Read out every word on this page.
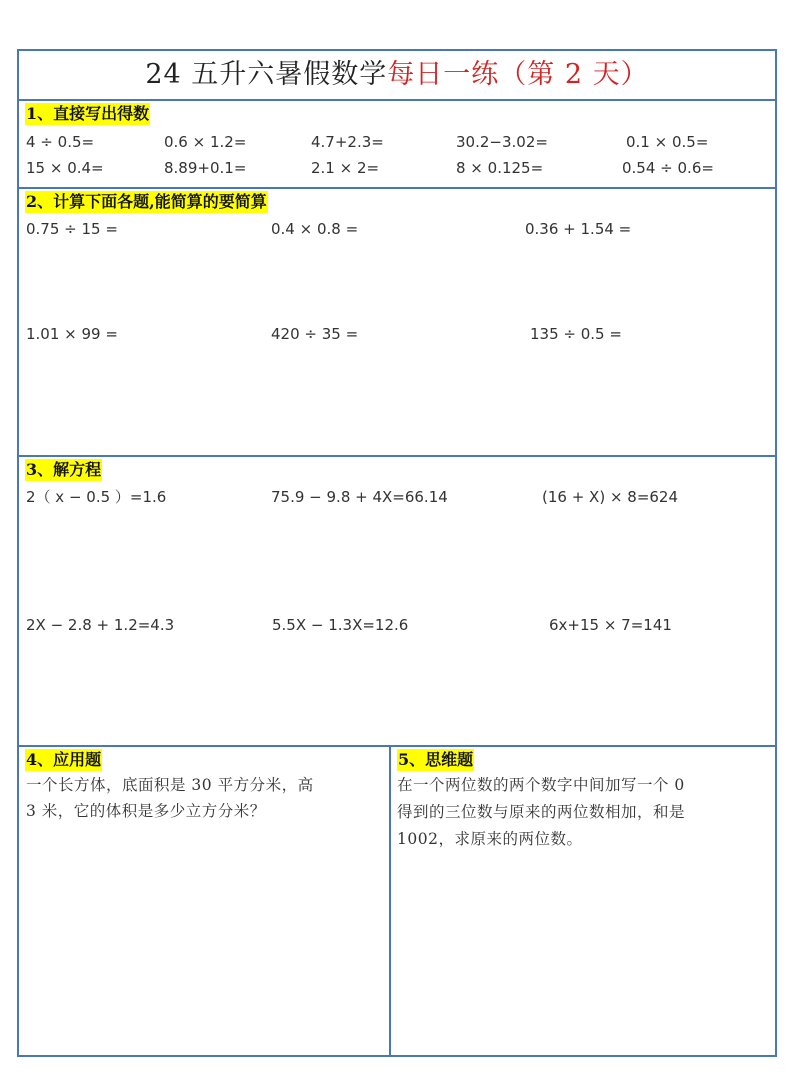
24 五升六暑假数学每日一练（第 2 天）
1、直接写出得数
4 ÷ 0.5=	0.6 × 1.2=	4.7+2.3=	30.2−3.02=	0.1 × 0.5=
15 × 0.4=	8.89+0.1=	2.1 × 2=	8 × 0.125=	0.54 ÷ 0.6=
2、计算下面各题,能简算的要简算
0.75 ÷ 15 =	0.4 × 0.8 =	0.36 + 1.54 =
1.01 × 99 =	420 ÷ 35 =	135 ÷ 0.5 =
3、解方程
2（ x − 0.5 ）=1.6	75.9 − 9.8 + 4X=66.14	(16 + X) × 8=624
2X − 2.8 + 1.2=4.3	5.5X − 1.3X=12.6	6x+15 × 7=141
4、应用题
一个长方体，底面积是 30 平方分米，高
3 米，它的体积是多少立方分米？
5、思维题
在一个两位数的两个数字中间加写一个 0
得到的三位数与原来的两位数相加，和是
1002，求原来的两位数。
